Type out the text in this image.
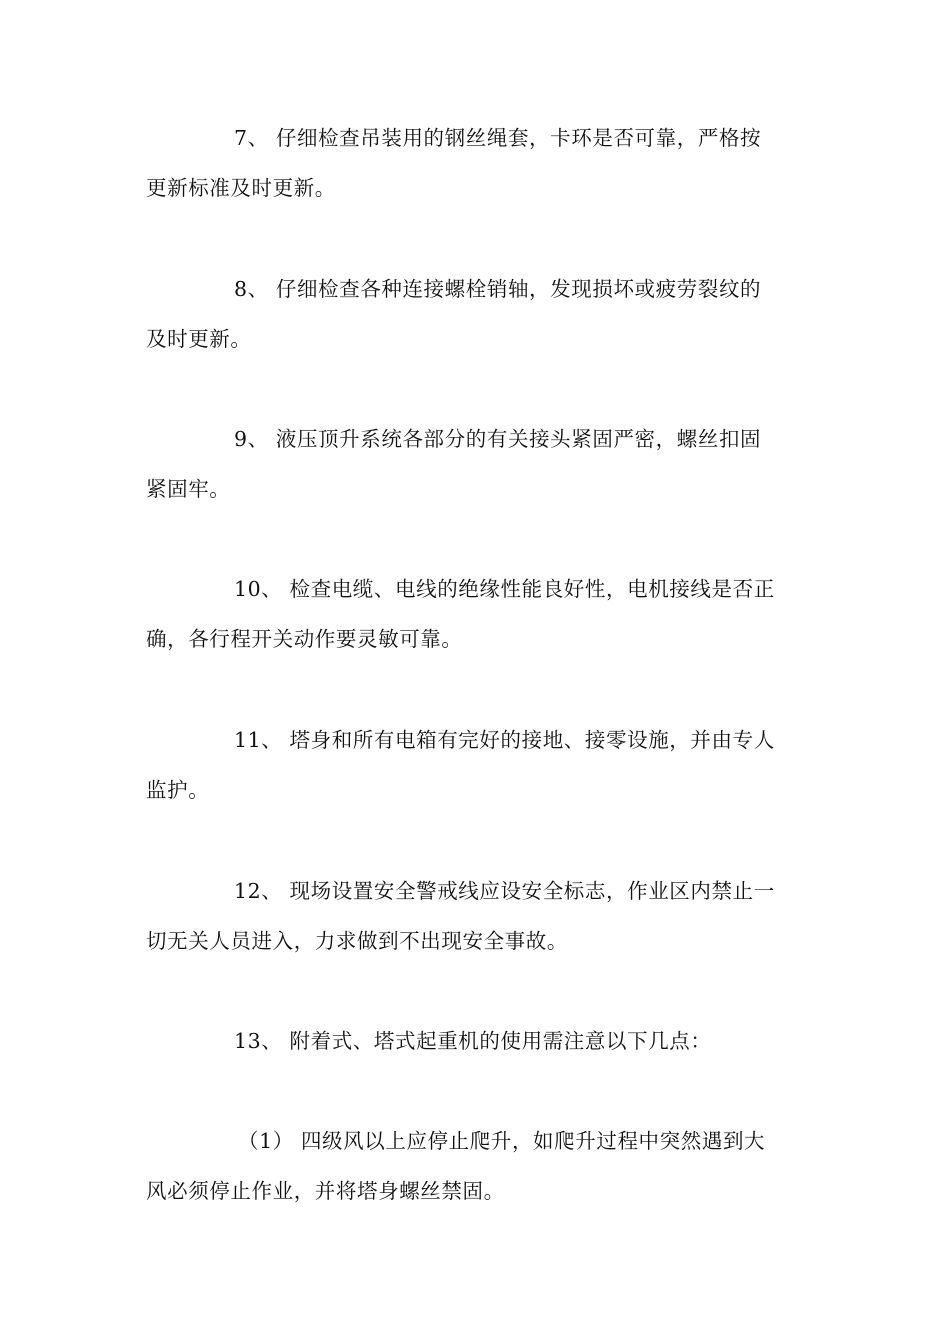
7、 仔细检查吊装用的钢丝绳套，卡环是否可靠，严格按
更新标准及时更新。
8、 仔细检查各种连接螺栓销轴，发现损坏或疲劳裂纹的
及时更新。
9、 液压顶升系统各部分的有关接头紧固严密，螺丝扣固
紧固牢。
10、 检查电缆、电线的绝缘性能良好性，电机接线是否正
确，各行程开关动作要灵敏可靠。
11、 塔身和所有电箱有完好的接地、接零设施，并由专人
监护。
12、 现场设置安全警戒线应设安全标志，作业区内禁止一
切无关人员进入，力求做到不出现安全事故。
13、 附着式、塔式起重机的使用需注意以下几点：
（1） 四级风以上应停止爬升，如爬升过程中突然遇到大
风必须停止作业，并将塔身螺丝禁固。
